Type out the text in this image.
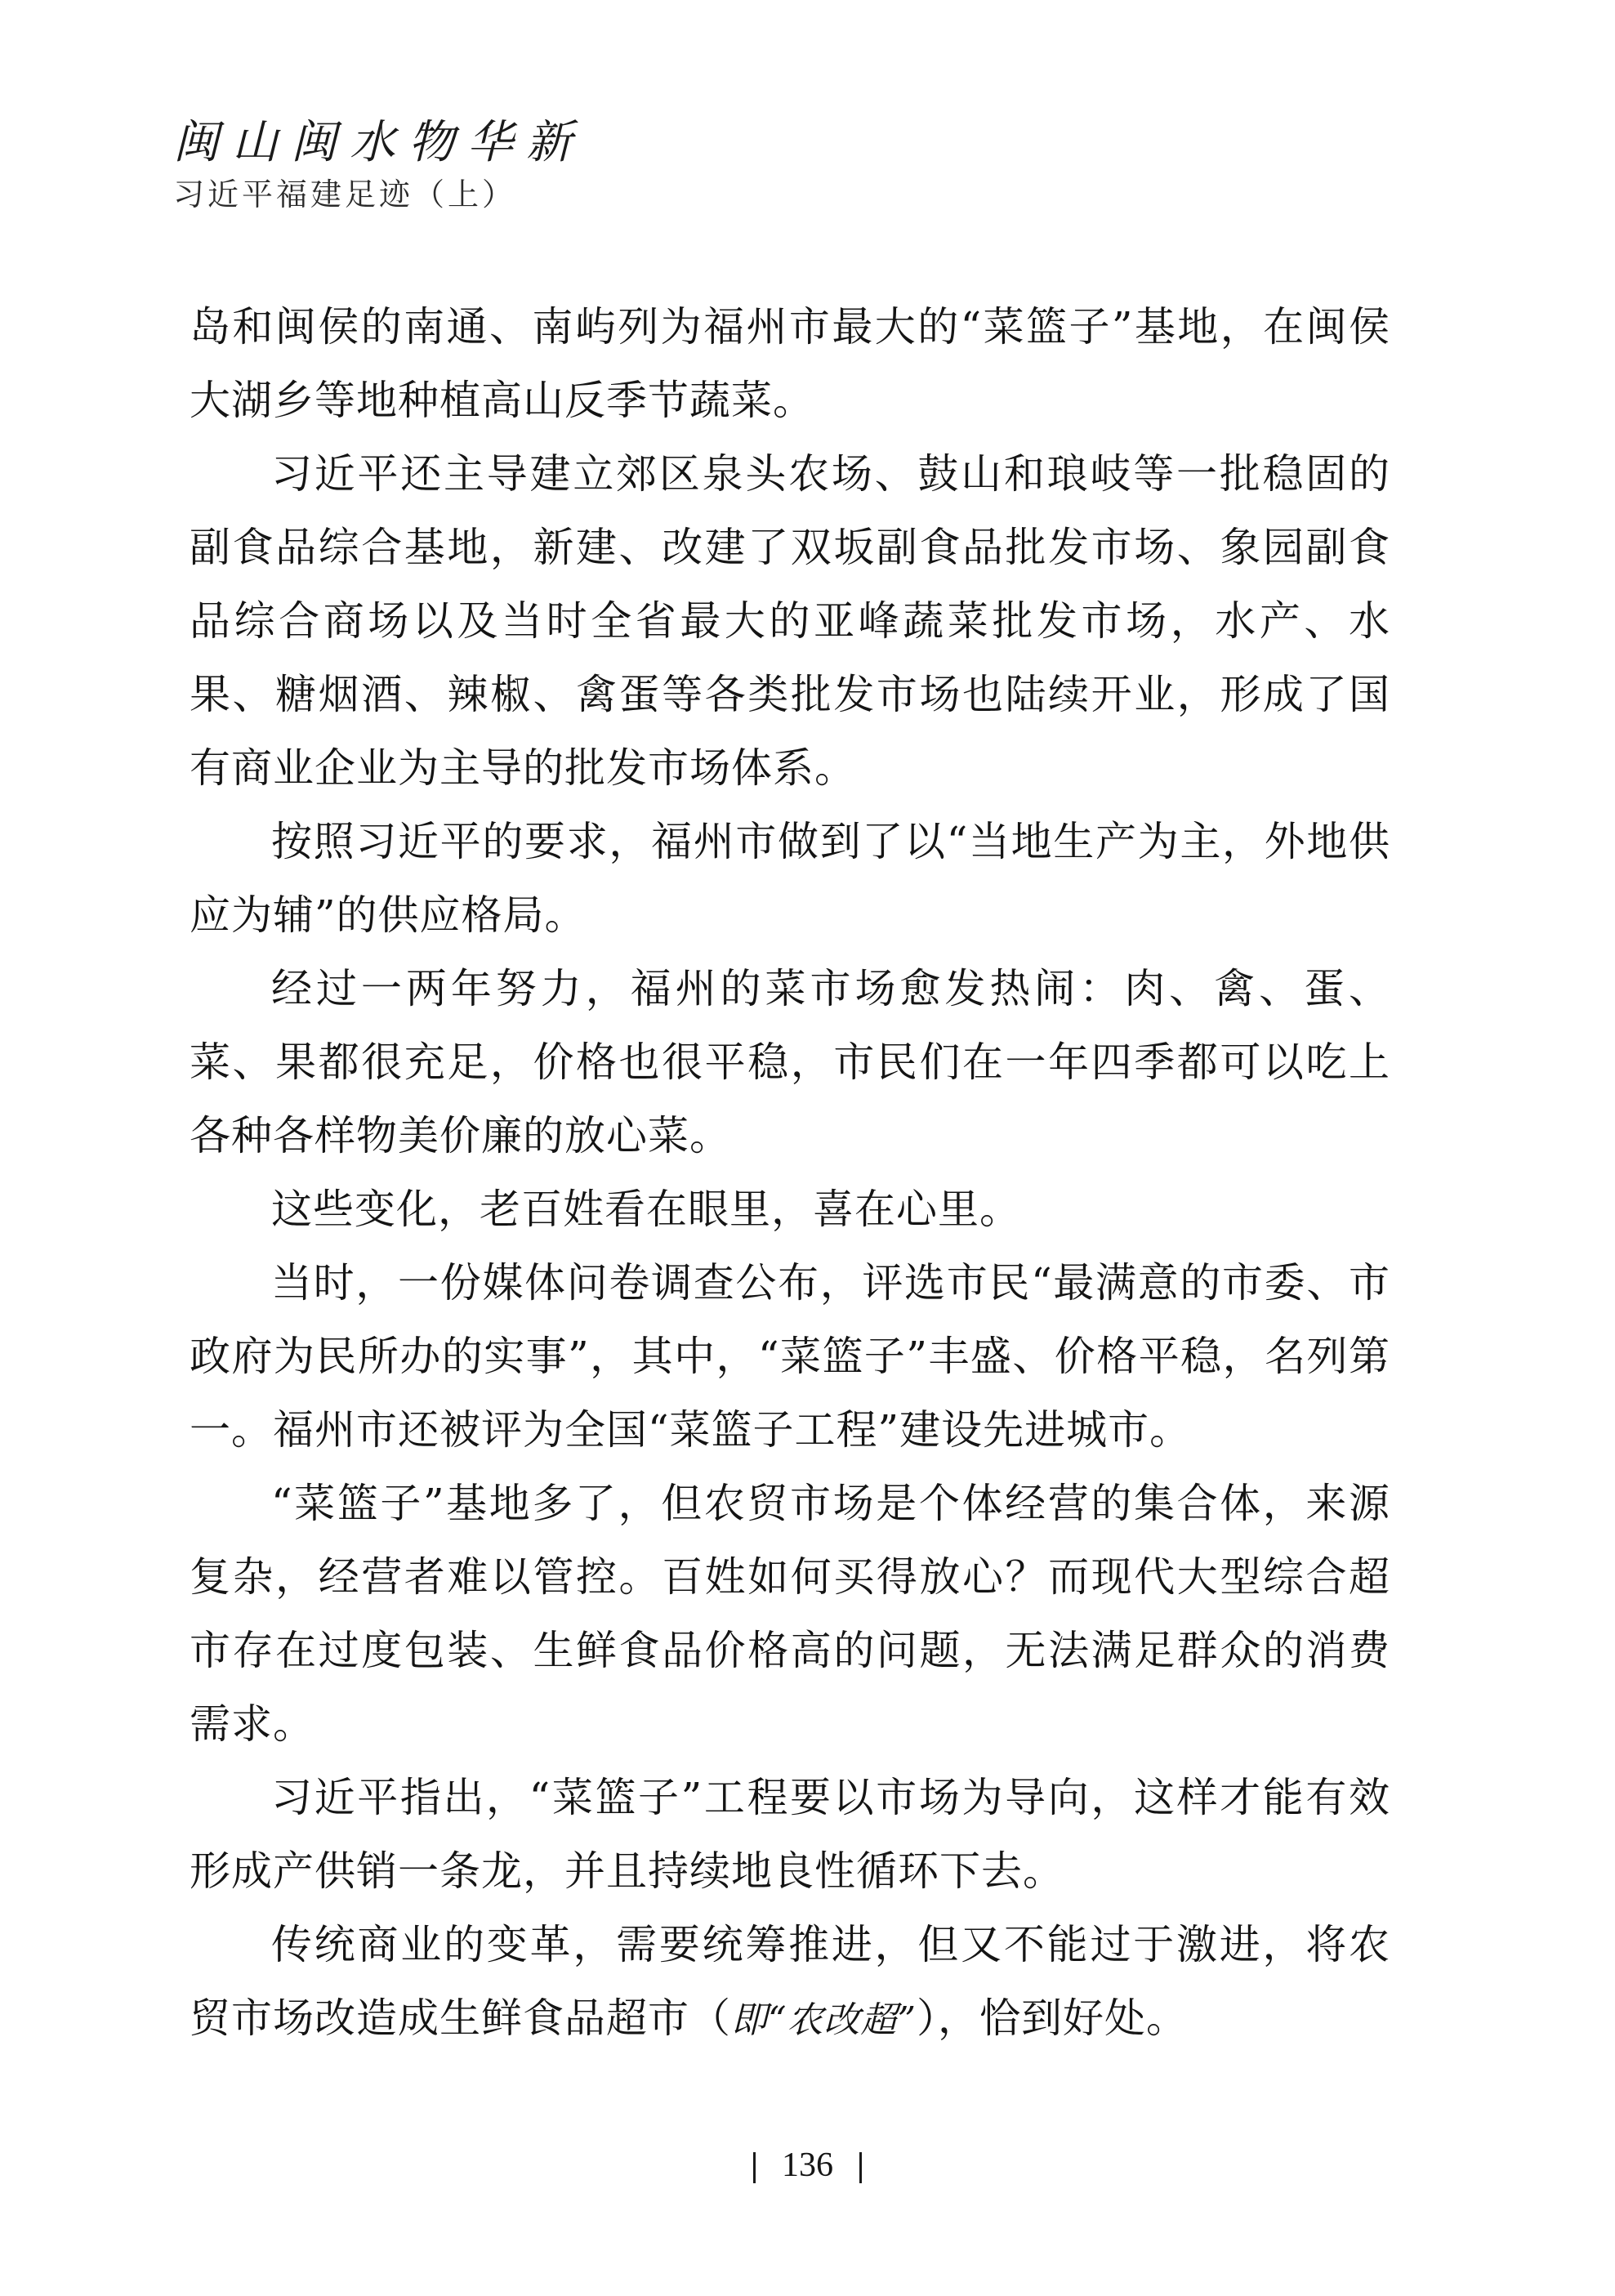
闽山闽水物华新
习近平福建足迹（上）

岛和闽侯的南通、南屿列为福州市最大的“菜篮子”基地，在闽侯大湖乡等地种植高山反季节蔬菜。

习近平还主导建立郊区泉头农场、鼓山和琅岐等一批稳固的副食品综合基地，新建、改建了双坂副食品批发市场、象园副食品综合商场以及当时全省最大的亚峰蔬菜批发市场，水产、水果、糖烟酒、辣椒、禽蛋等各类批发市场也陆续开业，形成了国有商业企业为主导的批发市场体系。

按照习近平的要求，福州市做到了以“当地生产为主，外地供应为辅”的供应格局。

经过一两年努力，福州的菜市场愈发热闹：肉、禽、蛋、菜、果都很充足，价格也很平稳，市民们在一年四季都可以吃上各种各样物美价廉的放心菜。

这些变化，老百姓看在眼里，喜在心里。

当时，一份媒体问卷调查公布，评选市民“最满意的市委、市政府为民所办的实事”，其中，“菜篮子”丰盛、价格平稳，名列第一。福州市还被评为全国“菜篮子工程”建设先进城市。

“菜篮子”基地多了，但农贸市场是个体经营的集合体，来源复杂，经营者难以管控。百姓如何买得放心？而现代大型综合超市存在过度包装、生鲜食品价格高的问题，无法满足群众的消费需求。

习近平指出，“菜篮子”工程要以市场为导向，这样才能有效形成产供销一条龙，并且持续地良性循环下去。

传统商业的变革，需要统筹推进，但又不能过于激进，将农贸市场改造成生鲜食品超市（即“农改超”），恰到好处。

136
